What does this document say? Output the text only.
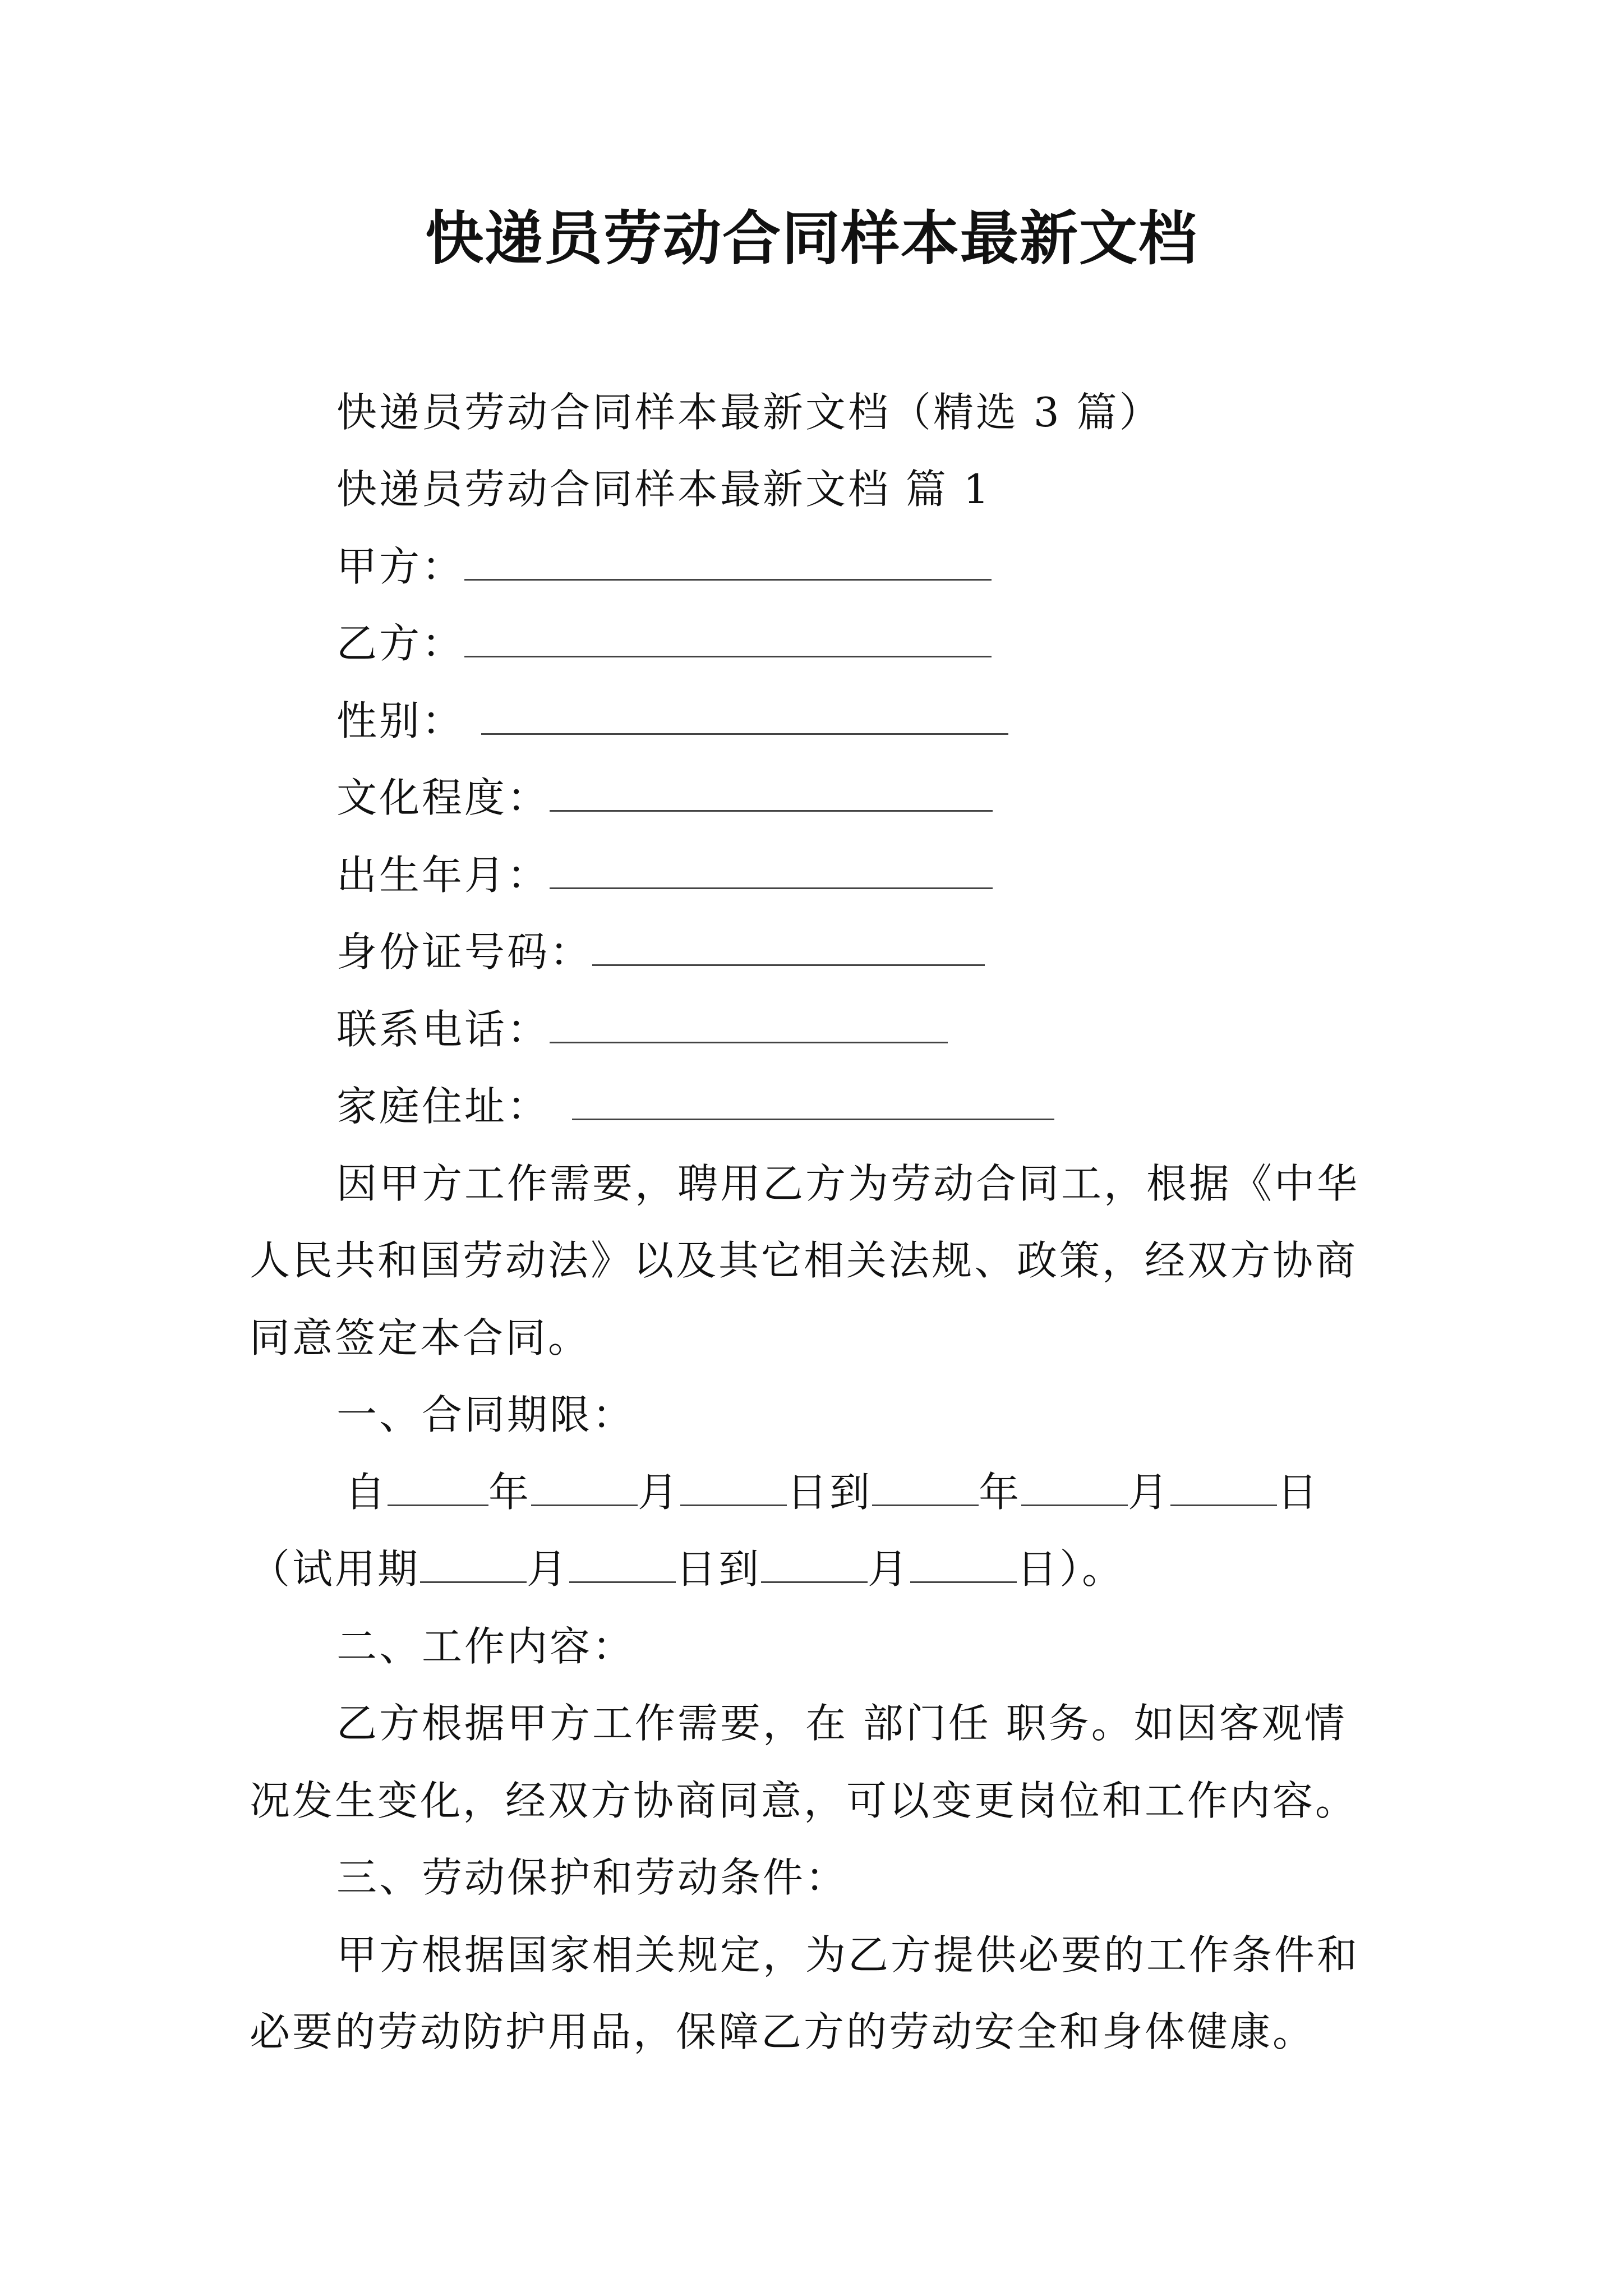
快递员劳动合同样本最新文档
快递员劳动合同样本最新文档（精选 3 篇）
快递员劳动合同样本最新文档 篇 1
甲方：
乙方：
性别：
文化程度：
出生年月：
身份证号码：
联系电话：
家庭住址：
因甲方工作需要，聘用乙方为劳动合同工，根据《中华
人民共和国劳动法》以及其它相关法规、政策，经双方协商
同意签定本合同。
一、合同期限：
自	年	月	日到	年	月	日
（试用期	月	日到	月	日）。
二、工作内容：
乙方根据甲方工作需要，在 部门任 职务。如因客观情
况发生变化，经双方协商同意，可以变更岗位和工作内容。
三、劳动保护和劳动条件：
甲方根据国家相关规定，为乙方提供必要的工作条件和
必要的劳动防护用品，保障乙方的劳动安全和身体健康。
